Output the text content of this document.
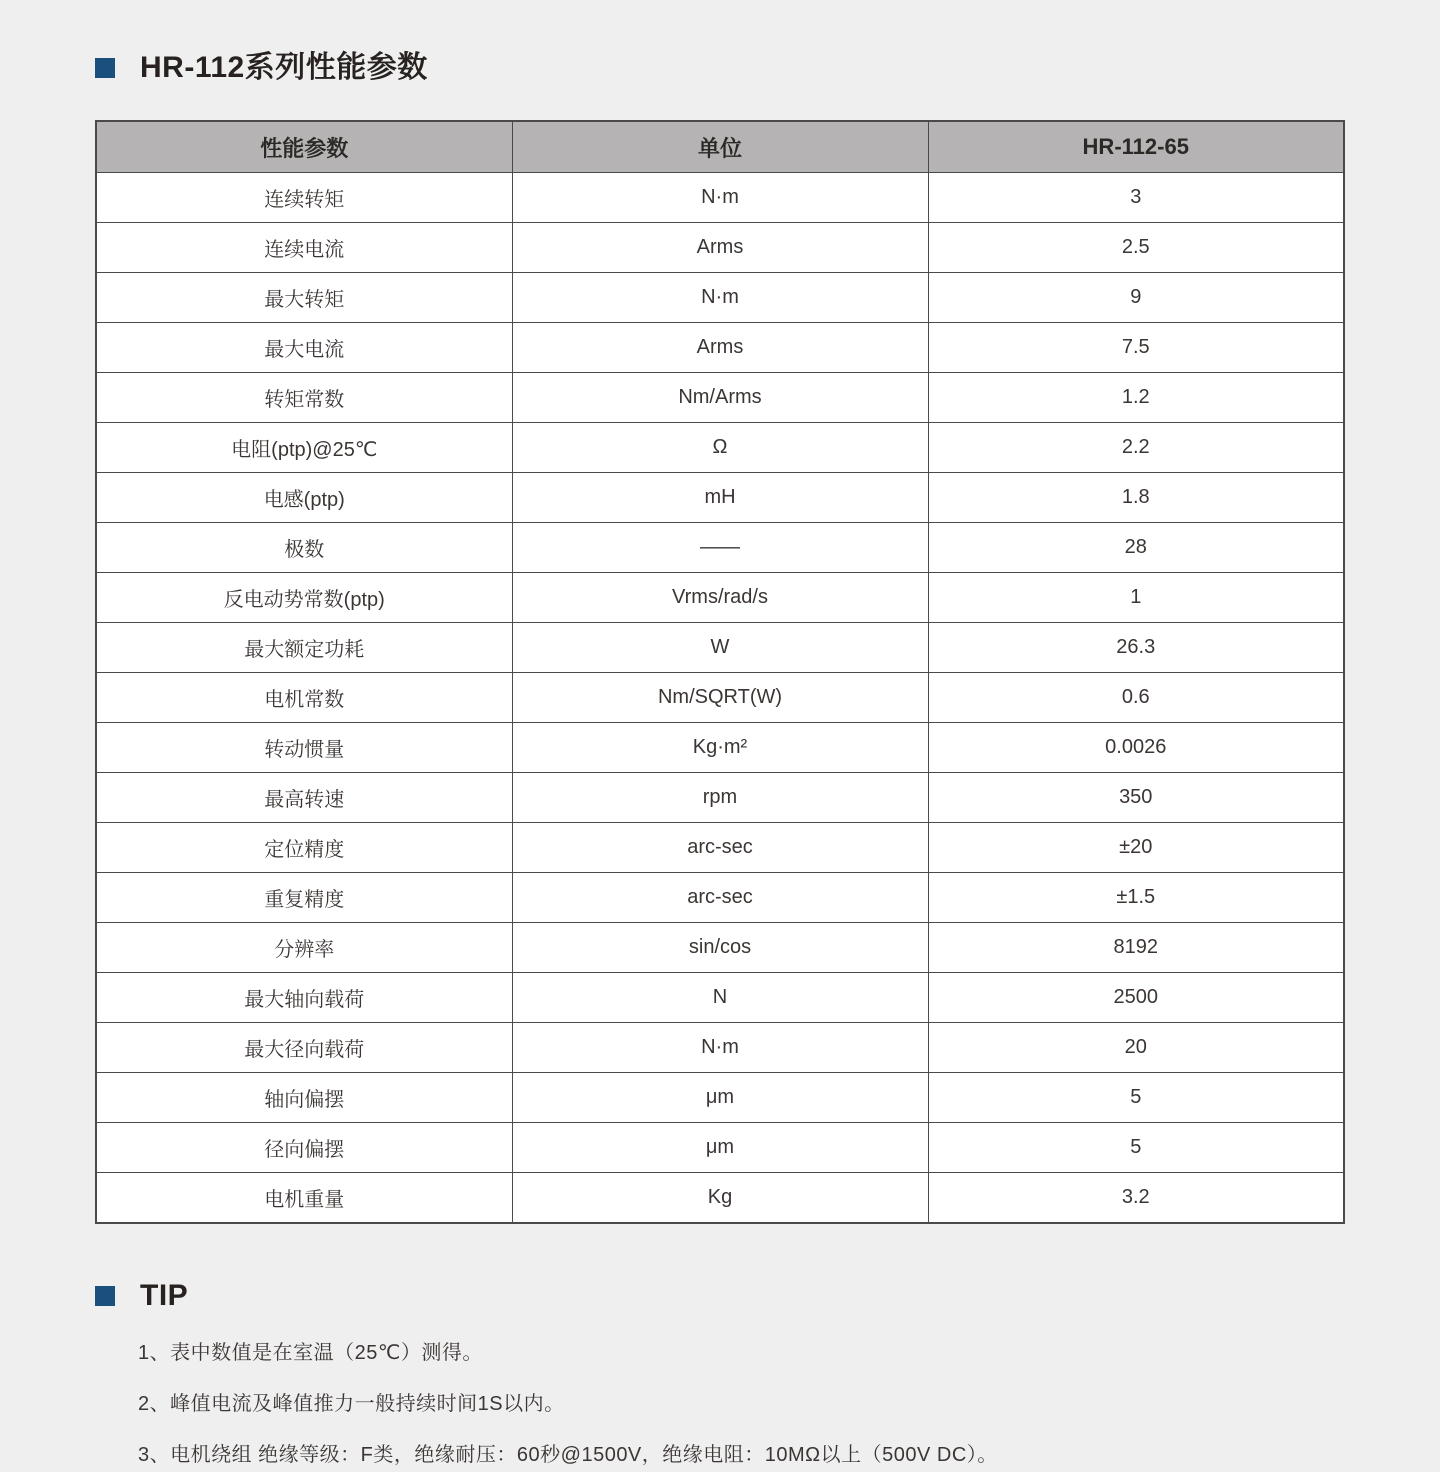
HR-112系列性能参数
性能参数	单位	HR-112-65
连续转矩	N·m	3
连续电流	Arms	2.5
最大转矩	N·m	9
最大电流	Arms	7.5
转矩常数	Nm/Arms	1.2
电阻(ptp)@25℃	Ω	2.2
电感(ptp)	mH	1.8
极数	——	28
反电动势常数(ptp)	Vrms/rad/s	1
最大额定功耗	W	26.3
电机常数	Nm/SQRT(W)	0.6
转动惯量	Kg·m²	0.0026
最高转速	rpm	350
定位精度	arc-sec	±20
重复精度	arc-sec	±1.5
分辨率	sin/cos	8192
最大轴向载荷	N	2500
最大径向载荷	N·m	20
轴向偏摆	μm	5
径向偏摆	μm	5
电机重量	Kg	3.2
TIP
1、表中数值是在室温（25℃）测得。
2、峰值电流及峰值推力一般持续时间1S以内。
3、电机绕组 绝缘等级：F类，绝缘耐压：60秒@1500V，绝缘电阻：10MΩ以上（500V DC）。
